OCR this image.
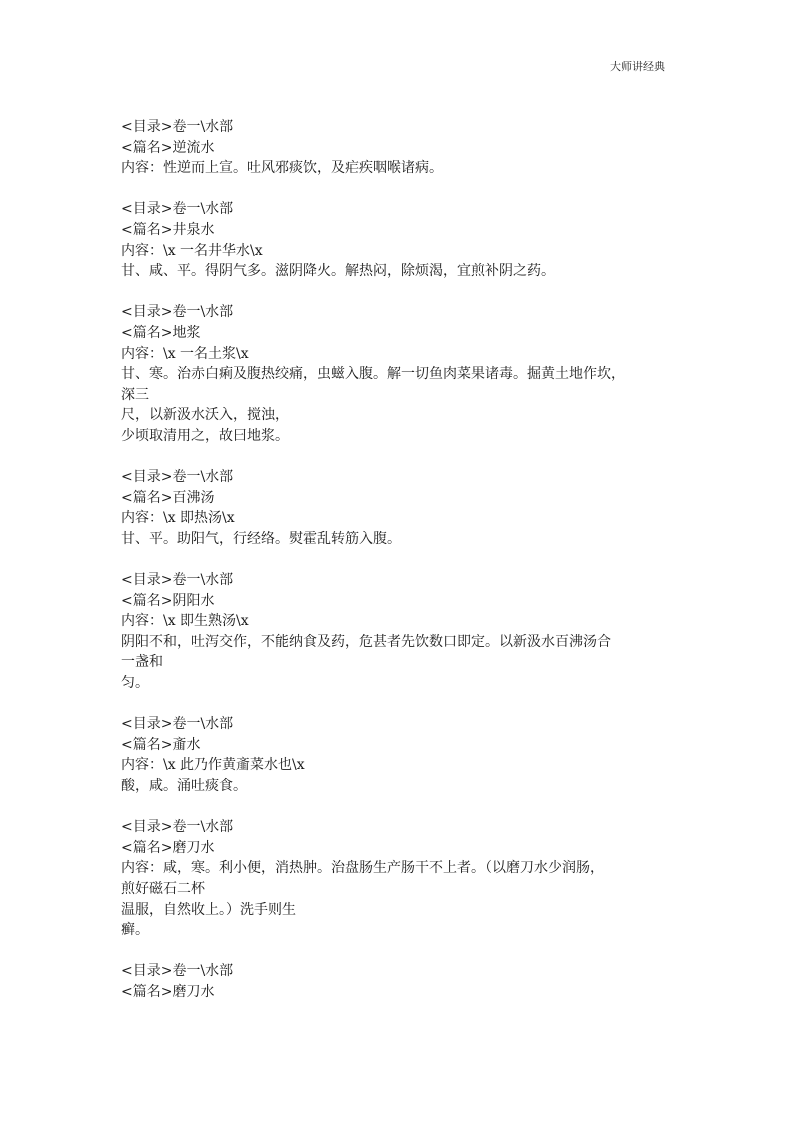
大师讲经典
<目录>卷一\水部
<篇名>逆流水
内容：性逆而上宣。吐风邪痰饮，及疟疾咽喉诸病。
<目录>卷一\水部
<篇名>井泉水
内容：\x 一名井华水\x
甘、咸、平。得阴气多。滋阴降火。解热闷，除烦渴，宜煎补阴之药。
<目录>卷一\水部
<篇名>地浆
内容：\x 一名土浆\x
甘、寒。治赤白痢及腹热绞痛，虫螆入腹。解一切鱼肉菜果诸毒。掘黄土地作坎，
深三
尺，以新汲水沃入，搅浊，
少顷取清用之，故曰地浆。
<目录>卷一\水部
<篇名>百沸汤
内容：\x 即热汤\x
甘、平。助阳气，行经络。熨霍乱转筋入腹。
<目录>卷一\水部
<篇名>阴阳水
内容：\x 即生熟汤\x
阴阳不和，吐泻交作，不能纳食及药，危甚者先饮数口即定。以新汲水百沸汤合
一盏和
匀。
<目录>卷一\水部
<篇名>齑水
内容：\x 此乃作黄齑菜水也\x
酸，咸。涌吐痰食。
<目录>卷一\水部
<篇名>磨刀水
内容：咸，寒。利小便，消热肿。治盘肠生产肠干不上者。（以磨刀水少润肠，
煎好磁石二杯
温服，自然收上。）洗手则生
癣。
<目录>卷一\水部
<篇名>磨刀水
